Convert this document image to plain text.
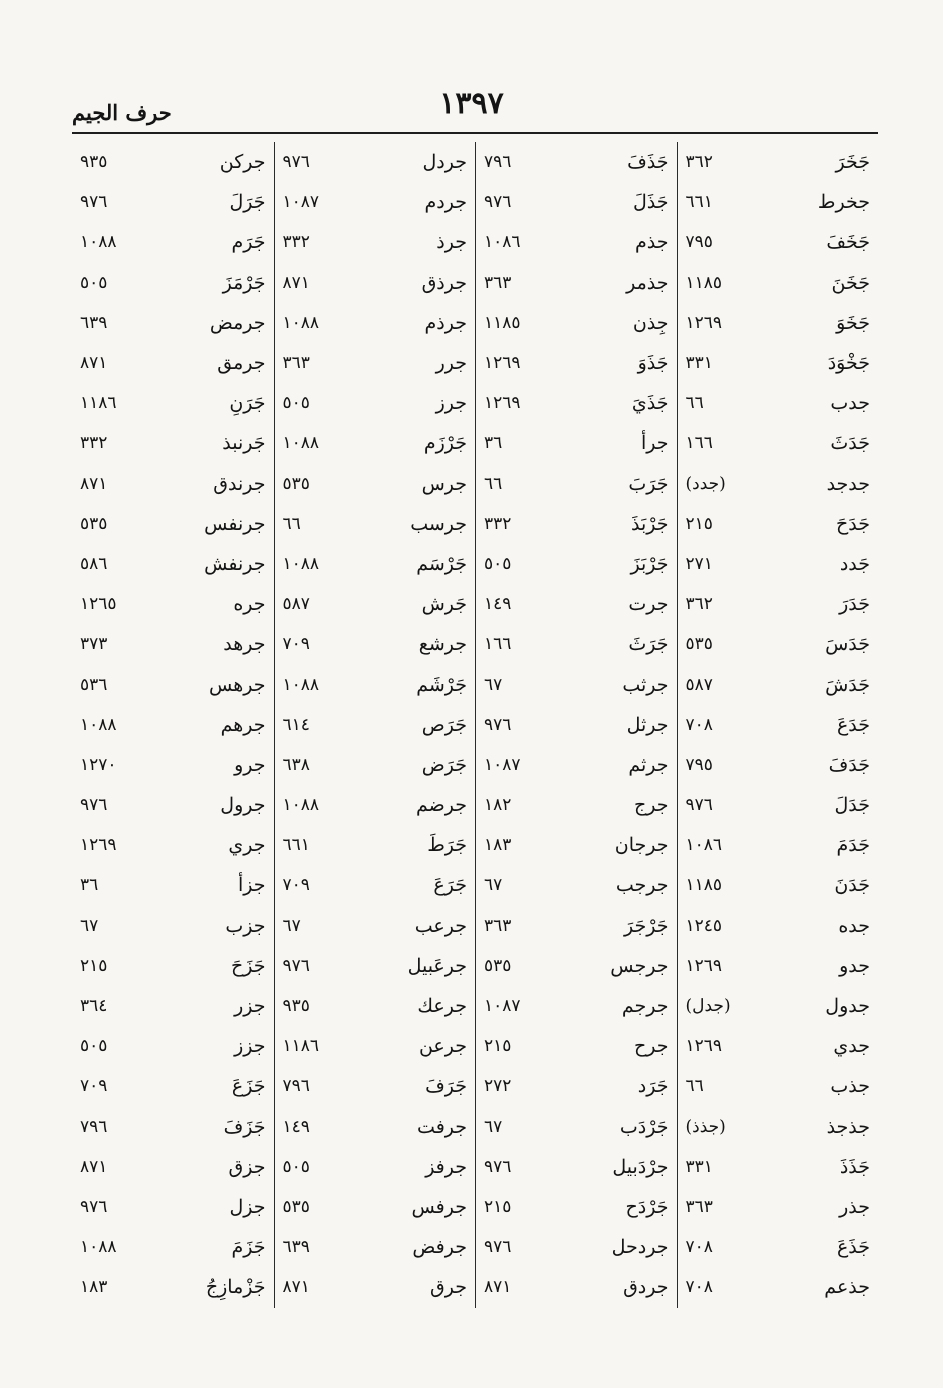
١٣٩٧
حرف الجيم
جَخَرَ
٣٦٢
جخرط
٦٦١
جَخَفَ
٧٩٥
جَخَنَ
١١٨٥
جَخَوَ
١٢٦٩
جَخْوَدَ
٣٣١
جدب
٦٦
جَدَثَ
١٦٦
جدجد
(جدد)
جَدَحَ
٢١٥
جَدد
٢٧١
جَدَرَ
٣٦٢
جَدَسَ
٥٣٥
جَدَشَ
٥٨٧
جَدَعَ
٧٠٨
جَدَفَ
٧٩٥
جَدَلَ
٩٧٦
جَدَمَ
١٠٨٦
جَدَنَ
١١٨٥
جده
١٢٤٥
جدو
١٢٦٩
جدول
(جدل)
جدي
١٢٦٩
جذب
٦٦
جذجذ
(جذذ)
جَذَذَ
٣٣١
جذر
٣٦٣
جَذَعَ
٧٠٨
جذعم
٧٠٨
جَذَفَ
٧٩٦
جَذَلَ
٩٧٦
جذم
١٠٨٦
جذمر
٣٦٣
جِذن
١١٨٥
جَذَوَ
١٢٦٩
جَذَيَ
١٢٦٩
جرأ
٣٦
جَرَبَ
٦٦
جَرْبَذَ
٣٣٢
جَرْبَزَ
٥٠٥
جرت
١٤٩
جَرَثَ
١٦٦
جرثب
٦٧
جرثل
٩٧٦
جرثم
١٠٨٧
جرج
١٨٢
جرجان
١٨٣
جرجب
٦٧
جَرْجَرَ
٣٦٣
جرجس
٥٣٥
جرجم
١٠٨٧
جرح
٢١٥
جَرَد
٢٧٢
جَرْدَب
٦٧
جرْدَبيل
٩٧٦
جَرْدَح
٢١٥
جردحل
٩٧٦
جردق
٨٧١
جردل
٩٧٦
جردم
١٠٨٧
جرذ
٣٣٢
جرذق
٨٧١
جرذم
١٠٨٨
جرر
٣٦٣
جرز
٥٠٥
جَرْزَم
١٠٨٨
جرس
٥٣٥
جرسب
٦٦
جَرْسَم
١٠٨٨
جَرش
٥٨٧
جرشع
٧٠٩
جَرْشَم
١٠٨٨
جَرَص
٦١٤
جَرَض
٦٣٨
جرضم
١٠٨٨
جَرَطَ
٦٦١
جَرَعَ
٧٠٩
جرعب
٦٧
جرعَبيل
٩٧٦
جرعك
٩٣٥
جرعن
١١٨٦
جَرَفَ
٧٩٦
جرفت
١٤٩
جرفز
٥٠٥
جرفس
٥٣٥
جرفض
٦٣٩
جرق
٨٧١
جركن
٩٣٥
جَرَلَ
٩٧٦
جَرَم
١٠٨٨
جَرْمَزَ
٥٠٥
جرمض
٦٣٩
جرمق
٨٧١
جَرَنِ
١١٨٦
جَرنبذ
٣٣٢
جرندق
٨٧١
جرنفس
٥٣٥
جرنفش
٥٨٦
جره
١٢٦٥
جرهد
٣٧٣
جرهس
٥٣٦
جرهم
١٠٨٨
جرو
١٢٧٠
جرول
٩٧٦
جري
١٢٦٩
جزأ
٣٦
جزب
٦٧
جَزَحَ
٢١٥
جزر
٣٦٤
جزز
٥٠٥
جَزَعَ
٧٠٩
جَزَفَ
٧٩٦
جزق
٨٧١
جزل
٩٧٦
جَزَمَ
١٠٨٨
جَزْمازِجُ
١٨٣
